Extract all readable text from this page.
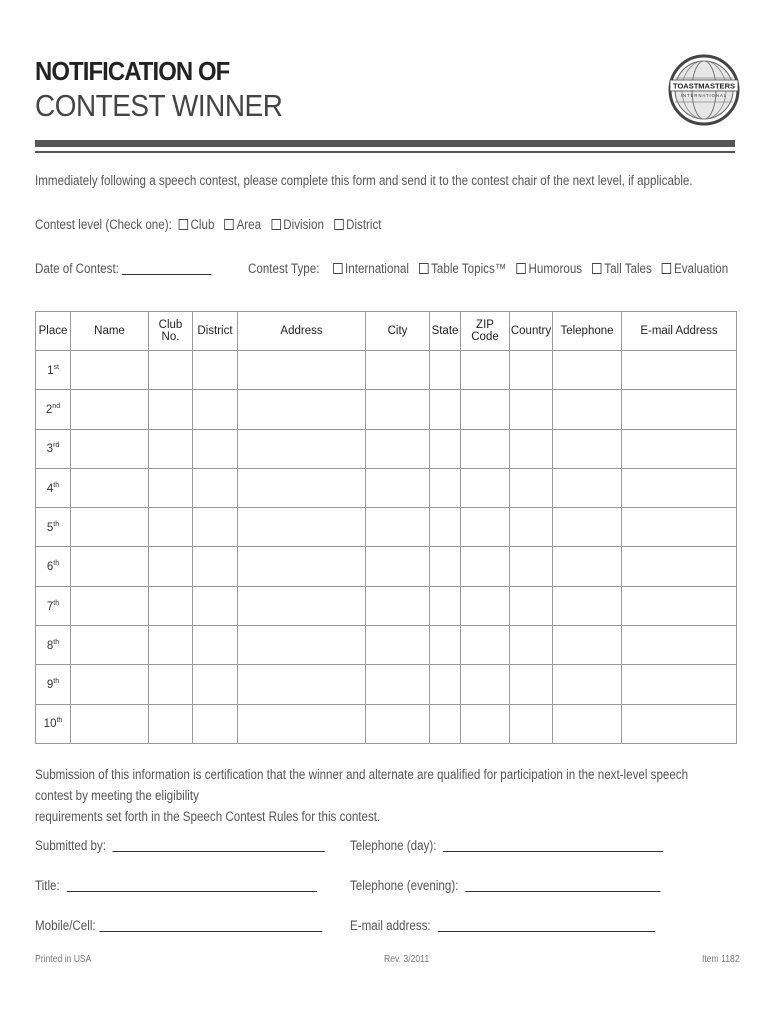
NOTIFICATION OF
CONTEST WINNER
TOASTMASTERS
INTERNATIONAL
Immediately following a speech contest, please complete this form and send it to the contest chair of the next level, if applicable.
Contest level (Check one): Club Area Division District
Date of Contest:	Contest Type: International Table Topics™ Humorous Tall Tales Evaluation
Place	Name	Club No.	District	Address	City	State	ZIP Code	Country	Telephone	E-mail Address
1st										
2nd										
3rd										
4th										
5th										
6th										
7th										
8th										
9th										
10th										
Submission of this information is certification that the winner and alternate are qualified for participation in the next-level speech contest by meeting the eligibility
requirements set forth in the Speech Contest Rules for this contest.
Submitted by:	Telephone (day):
Title:	Telephone (evening):
Mobile/Cell:	E-mail address:
Printed in USA	Rev. 3/2011	Item 1182
